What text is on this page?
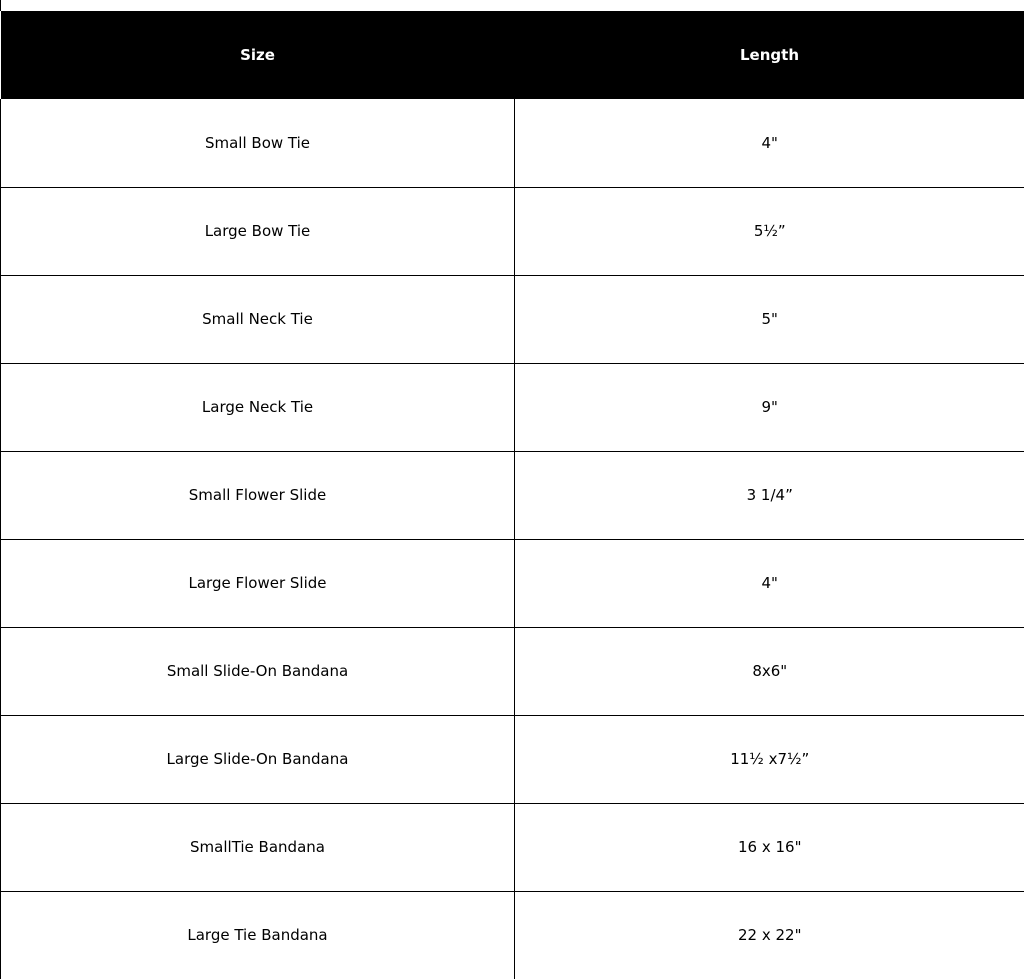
Size	Length
Small Bow Tie	4"
Large Bow Tie	5½”
Small Neck Tie	5"
Large Neck Tie	9"
Small Flower Slide	3 1/4”
Large Flower Slide	4"
Small Slide-On Bandana	8x6"
Large Slide-On Bandana	11½ x7½”
SmallTie Bandana	16 x 16"
Large Tie Bandana	22 x 22"
